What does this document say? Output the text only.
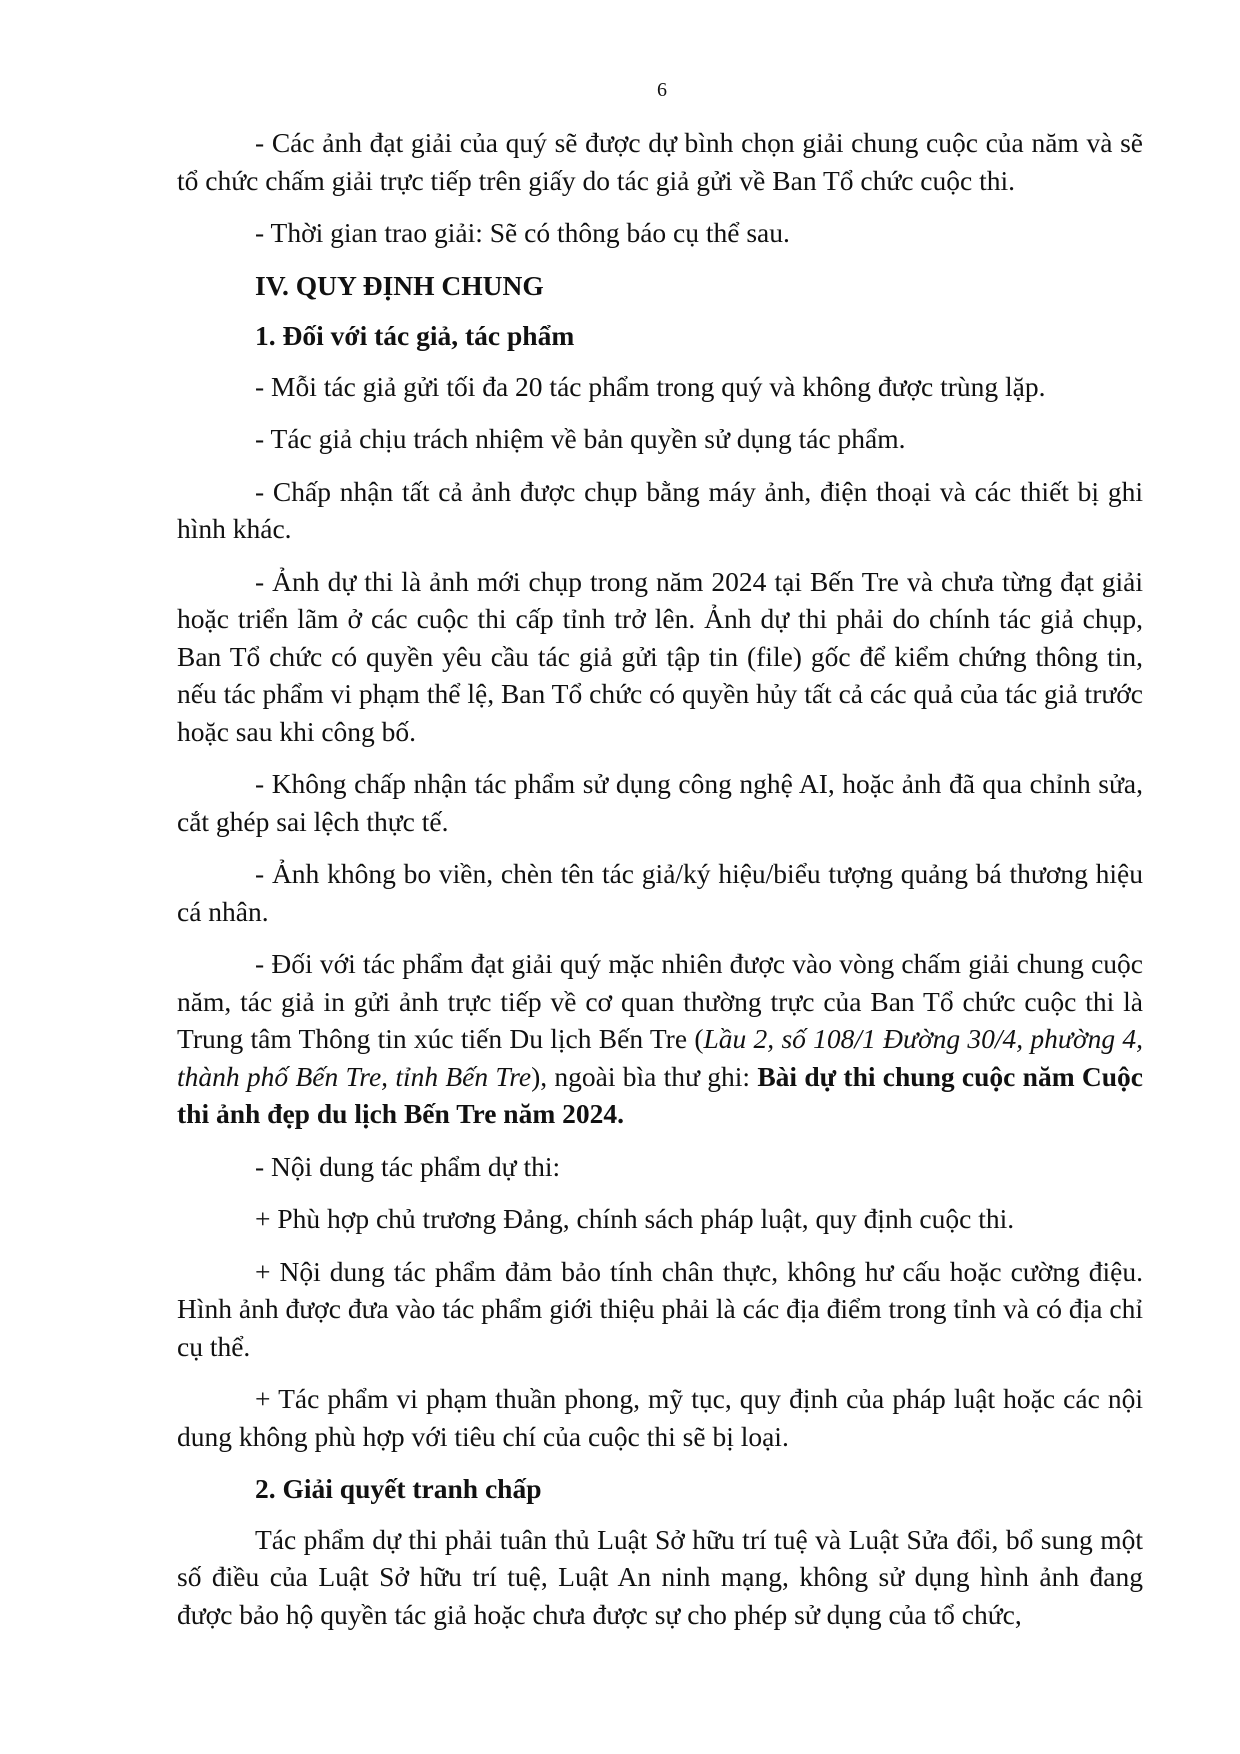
6

- Các ảnh đạt giải của quý sẽ được dự bình chọn giải chung cuộc của năm và sẽ tổ chức chấm giải trực tiếp trên giấy do tác giả gửi về Ban Tổ chức cuộc thi.

- Thời gian trao giải: Sẽ có thông báo cụ thể sau.

IV. QUY ĐỊNH CHUNG
1. Đối với tác giả, tác phẩm

- Mỗi tác giả gửi tối đa 20 tác phẩm trong quý và không được trùng lặp.

- Tác giả chịu trách nhiệm về bản quyền sử dụng tác phẩm.

- Chấp nhận tất cả ảnh được chụp bằng máy ảnh, điện thoại và các thiết bị ghi hình khác.

- Ảnh dự thi là ảnh mới chụp trong năm 2024 tại Bến Tre và chưa từng đạt giải hoặc triển lãm ở các cuộc thi cấp tỉnh trở lên. Ảnh dự thi phải do chính tác giả chụp, Ban Tổ chức có quyền yêu cầu tác giả gửi tập tin (file) gốc để kiểm chứng thông tin, nếu tác phẩm vi phạm thể lệ, Ban Tổ chức có quyền hủy tất cả các quả của tác giả trước hoặc sau khi công bố.

- Không chấp nhận tác phẩm sử dụng công nghệ AI, hoặc ảnh đã qua chỉnh sửa, cắt ghép sai lệch thực tế.

- Ảnh không bo viền, chèn tên tác giả/ký hiệu/biểu tượng quảng bá thương hiệu cá nhân.

- Đối với tác phẩm đạt giải quý mặc nhiên được vào vòng chấm giải chung cuộc năm, tác giả in gửi ảnh trực tiếp về cơ quan thường trực của Ban Tổ chức cuộc thi là Trung tâm Thông tin xúc tiến Du lịch Bến Tre (Lầu 2, số 108/1 Đường 30/4, phường 4, thành phố Bến Tre, tỉnh Bến Tre), ngoài bìa thư ghi: Bài dự thi chung cuộc năm Cuộc thi ảnh đẹp du lịch Bến Tre năm 2024.

- Nội dung tác phẩm dự thi:

+ Phù hợp chủ trương Đảng, chính sách pháp luật, quy định cuộc thi.

+ Nội dung tác phẩm đảm bảo tính chân thực, không hư cấu hoặc cường điệu. Hình ảnh được đưa vào tác phẩm giới thiệu phải là các địa điểm trong tỉnh và có địa chỉ cụ thể.

+ Tác phẩm vi phạm thuần phong, mỹ tục, quy định của pháp luật hoặc các nội dung không phù hợp với tiêu chí của cuộc thi sẽ bị loại.

2. Giải quyết tranh chấp

Tác phẩm dự thi phải tuân thủ Luật Sở hữu trí tuệ và Luật Sửa đổi, bổ sung một số điều của Luật Sở hữu trí tuệ, Luật An ninh mạng, không sử dụng hình ảnh đang được bảo hộ quyền tác giả hoặc chưa được sự cho phép sử dụng của tổ chức,
